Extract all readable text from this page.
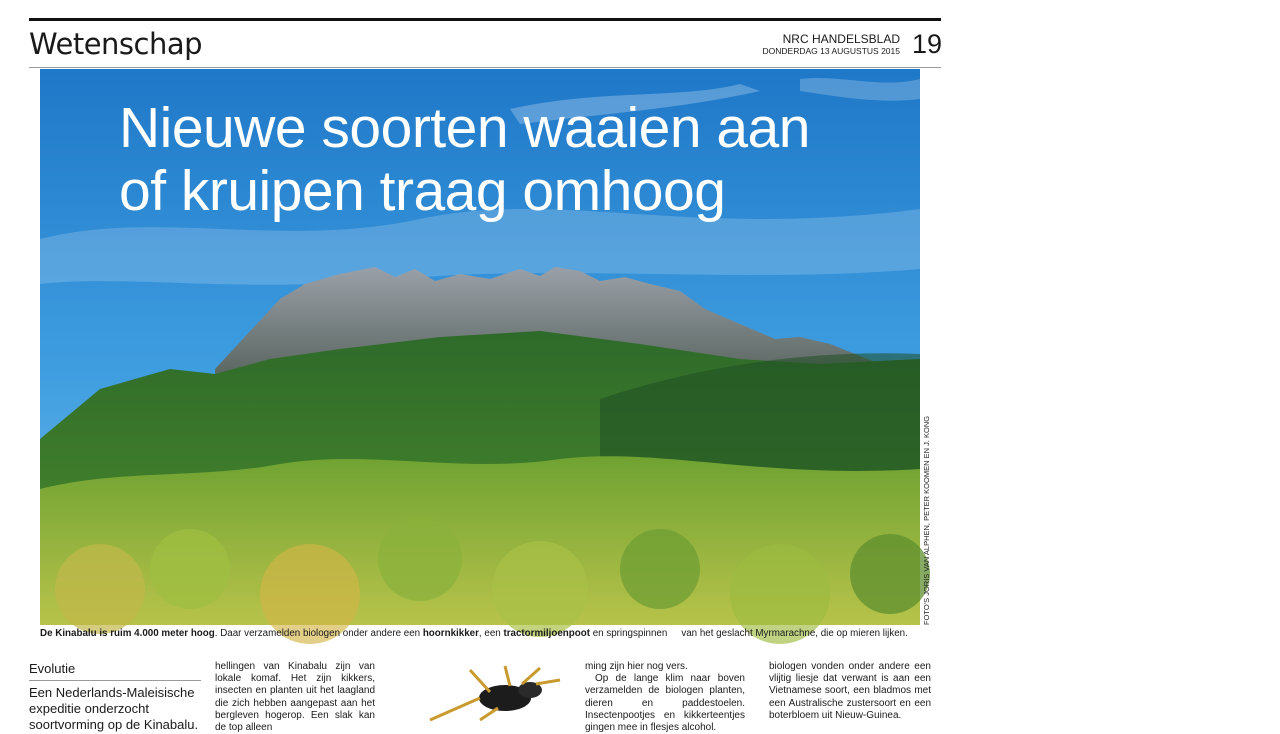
Wetenschap	NRC HANDELSBLAD
DONDERDAG 13 AUGUSTUS 2015 19
Nieuwe soorten waaien aan
of kruipen traag omhoog
FOTO'S JORIS VAN ALPHEN, PETER KOOMEN EN J. KONG
De Kinabalu is ruim 4.000 meter hoog. Daar verzamelden biologen onder andere een hoornkikker, een tractormiljoenpoot en springspinnen van het geslacht Myrmarachne, die op mieren lijken.
Evolutie
Een Nederlands-Maleisische expeditie onderzocht soortvorming op de Kinabalu.

hellingen van Kinabalu zijn van lokale komaf. Het zijn kikkers, insecten en planten uit het laagland die zich hebben aangepast aan het bergleven hogerop. Een slak kan de top alleen

ming zijn hier nog vers.

Op de lange klim naar boven verzamelden de biologen planten, dieren en paddestoelen. Insectenpootjes en kikkerteentjes gingen mee in flesjes alcohol.

biologen vonden onder andere een vlijtig liesje dat verwant is aan een Vietnamese soort, een bladmos met een Australische zustersoort en een boterbloem uit Nieuw-Guinea.
